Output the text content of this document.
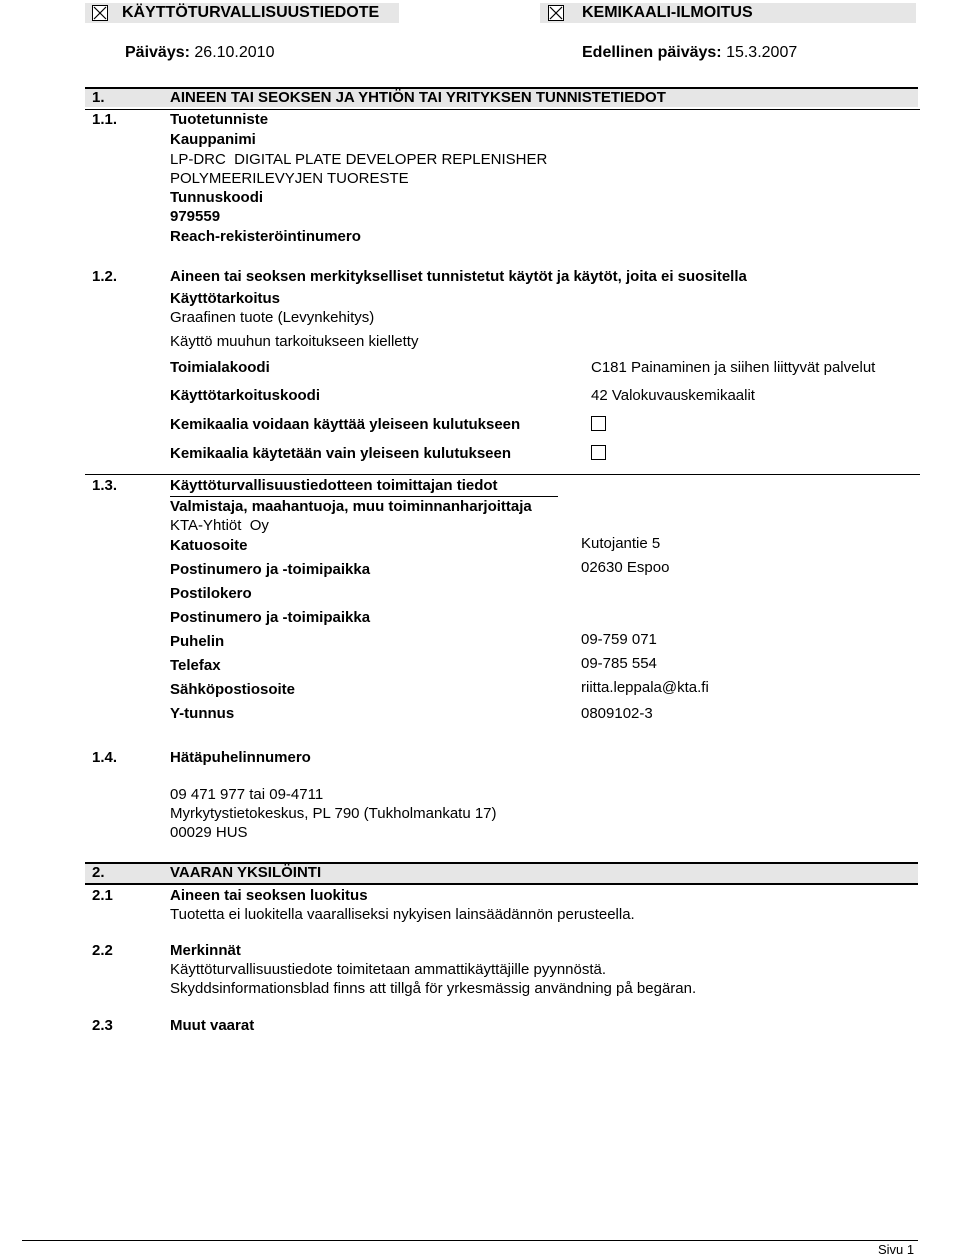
KÄYTTÖTURVALLISUUSTIEDOTE	KEMIKAALI-ILMOITUS
Päiväys: 26.10.2010	Edellinen päiväys: 15.3.2007
1.	AINEEN TAI SEOKSEN JA YHTIÖN TAI YRITYKSEN TUNNISTETIEDOT
1.1.	Tuotetunniste
Kauppanimi
LP-DRC  DIGITAL PLATE DEVELOPER REPLENISHER
POLYMEERILEVYJEN TUORESTE
Tunnuskoodi
979559
Reach-rekisteröintinumero
1.2.	Aineen tai seoksen merkitykselliset tunnistetut käytöt ja käytöt, joita ei suositella
Käyttötarkoitus
Graafinen tuote (Levynkehitys)
Käyttö muuhun tarkoitukseen kielletty
Toimialakoodi	C181 Painaminen ja siihen liittyvät palvelut
Käyttötarkoituskoodi	42 Valokuvauskemikaalit
Kemikaalia voidaan käyttää yleiseen kulutukseen
Kemikaalia käytetään vain yleiseen kulutukseen
1.3.	Käyttöturvallisuustiedotteen toimittajan tiedot
Valmistaja, maahantuoja, muu toiminnanharjoittaja
KTA-Yhtiöt  Oy
Katuosoite	Kutojantie 5
Postinumero ja -toimipaikka	02630 Espoo
Postilokero
Postinumero ja -toimipaikka
Puhelin	09-759 071
Telefax	09-785 554
Sähköpostiosoite	riitta.leppala@kta.fi
Y-tunnus	0809102-3
1.4.	Hätäpuhelinnumero
09 471 977 tai 09-4711
Myrkytystietokeskus, PL 790 (Tukholmankatu 17)
00029 HUS
2.	VAARAN YKSILÖINTI
2.1	Aineen tai seoksen luokitus
Tuotetta ei luokitella vaaralliseksi nykyisen lainsäädännön perusteella.
2.2	Merkinnät
Käyttöturvallisuustiedote toimitetaan ammattikäyttäjille pyynnöstä.
Skyddsinformationsblad finns att tillgå för yrkesmässig användning på begäran.
2.3	Muut vaarat
Sivu 1
